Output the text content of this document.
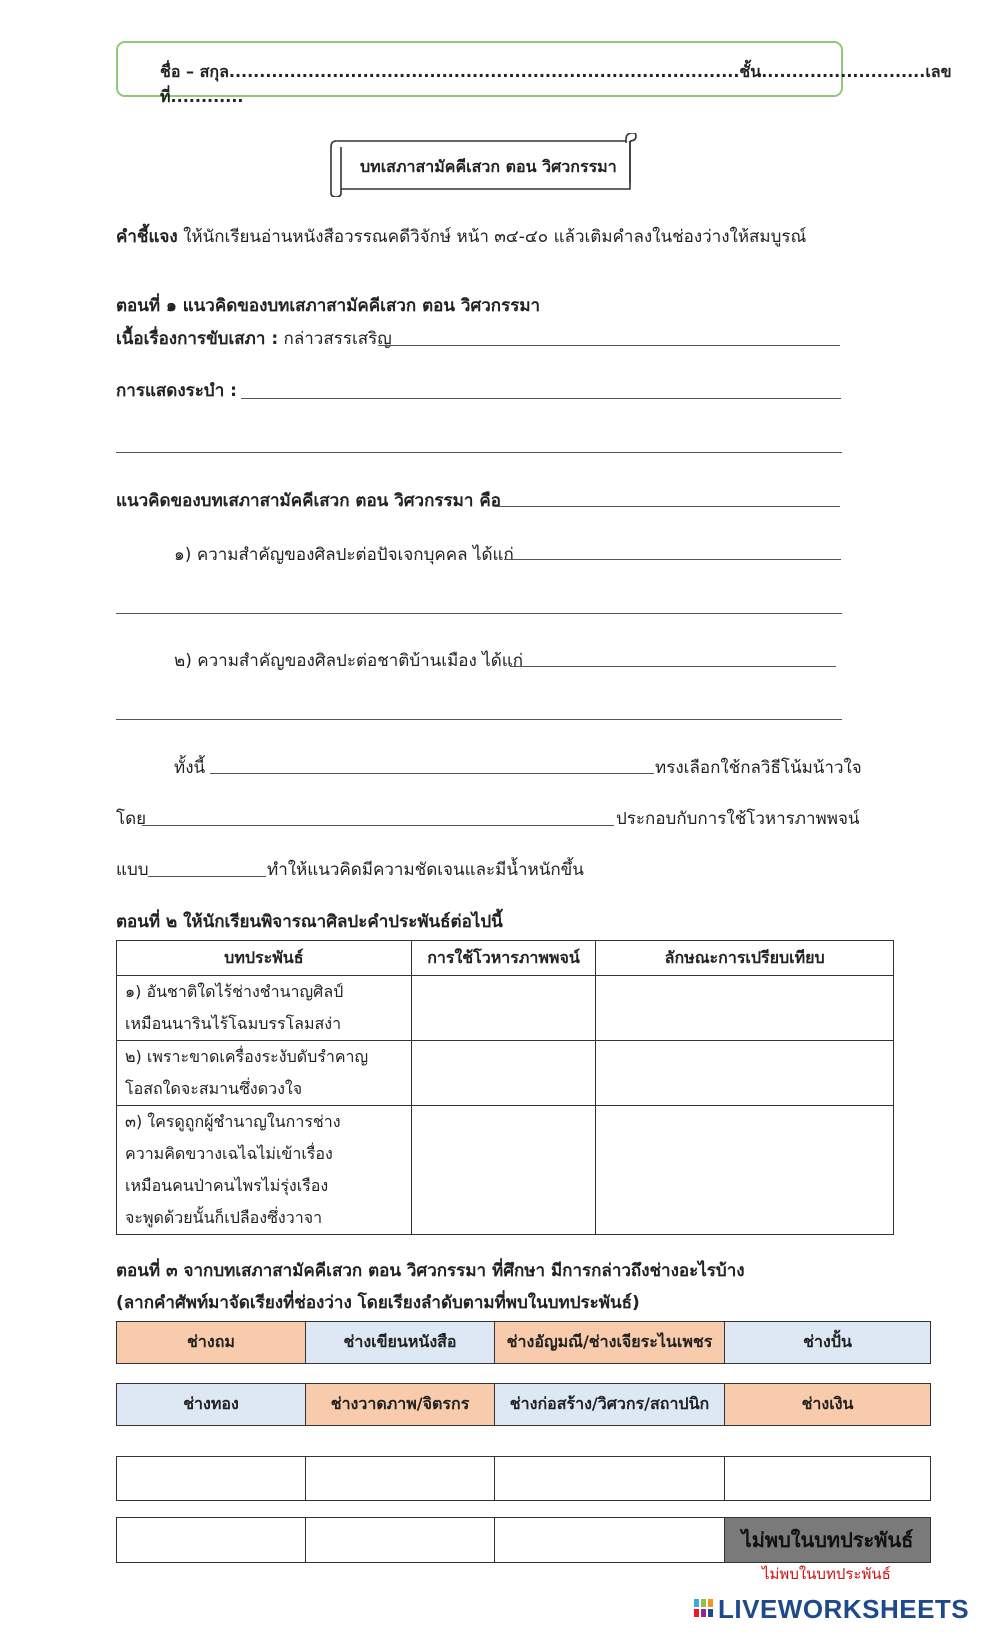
ชื่อ – สกุล....................................................................................ชั้น...........................เลขที่............
บทเสภาสามัคคีเสวก ตอน วิศวกรรมา
คำชี้แจง ให้นักเรียนอ่านหนังสือวรรณคดีวิจักษ์ หน้า ๓๔-๔๐ แล้วเติมคำลงในช่องว่างให้สมบูรณ์
ตอนที่ ๑ แนวคิดของบทเสภาสามัคคีเสวก ตอน วิศวกรรมา
เนื้อเรื่องการขับเสภา : กล่าวสรรเสริญ
การแสดงระบำ :
แนวคิดของบทเสภาสามัคคีเสวก ตอน วิศวกรรมา คือ
๑) ความสำคัญของศิลปะต่อปัจเจกบุคคล ได้แก่
๒) ความสำคัญของศิลปะต่อชาติบ้านเมือง ได้แก่
ทั้งนี้	ทรงเลือกใช้กลวิธีโน้มน้าวใจ
โดย	ประกอบกับการใช้โวหารภาพพจน์
แบบ	ทำให้แนวคิดมีความชัดเจนและมีน้ำหนักขึ้น
ตอนที่ ๒ ให้นักเรียนพิจารณาศิลปะคำประพันธ์ต่อไปนี้
บทประพันธ์	การใช้โวหารภาพพจน์	ลักษณะการเปรียบเทียบ

๑) อันชาติใดไร้ช่างชำนาญศิลป์
เหมือนนารินไร้โฉมบรรโลมสง่า		

๒) เพราะขาดเครื่องระงับดับรำคาญ
โอสถใดจะสมานซึ่งดวงใจ		

๓) ใครดูถูกผู้ชำนาญในการช่าง
ความคิดขวางเฉไฉไม่เข้าเรื่อง
เหมือนคนป่าคนไพรไม่รุ่งเรือง
จะพูดด้วยนั้นก็เปลืองซึ่งวาจา		

ตอนที่ ๓ จากบทเสภาสามัคคีเสวก ตอน วิศวกรรมา ที่ศึกษา มีการกล่าวถึงช่างอะไรบ้าง
(ลากคำศัพท์มาจัดเรียงที่ช่องว่าง โดยเรียงลำดับตามที่พบในบทประพันธ์)
ช่างถม	ช่างเขียนหนังสือ	ช่างอัญมณี/ช่างเจียระไนเพชร	ช่างปั้น
ช่างทอง	ช่างวาดภาพ/จิตรกร	ช่างก่อสร้าง/วิศวกร/สถาปนิก	ช่างเงิน

			ไม่พบในบทประพันธ์
ไม่พบในบทประพันธ์
LIVEWORKSHEETS
